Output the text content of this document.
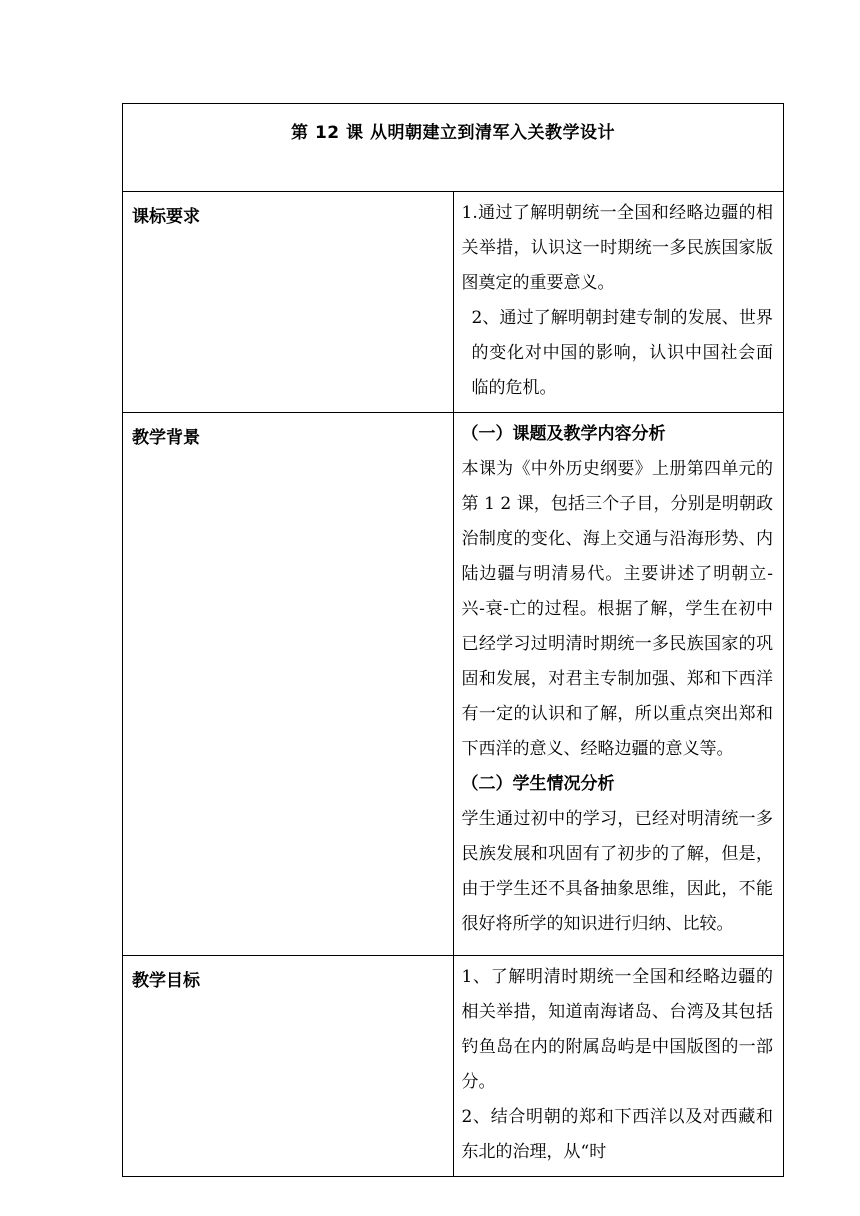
第 12 课 从明朝建立到清军入关教学设计	

课标要求	1.通过了解明朝统一全国和经略边疆的相关举措，认识这一时期统一多民族国家版图奠定的重要意义。

2、通过了解明朝封建专制的发展、世界的变化对中国的影响，认识中国社会面临的危机。

教学背景	（一）课题及教学内容分析

本课为《中外历史纲要》上册第四单元的第 1 2 课，包括三个子目，分别是明朝政治制度的变化、海上交通与沿海形势、内陆边疆与明清易代。主要讲述了明朝立-兴-衰-亡的过程。根据了解，学生在初中已经学习过明清时期统一多民族国家的巩固和发展，对君主专制加强、郑和下西洋有一定的认识和了解，所以重点突出郑和下西洋的意义、经略边疆的意义等。

（二）学生情况分析

学生通过初中的学习，已经对明清统一多民族发展和巩固有了初步的了解，但是，由于学生还不具备抽象思维，因此，不能很好将所学的知识进行归纳、比较。

教学目标	1、了解明清时期统一全国和经略边疆的相关举措，知道南海诸岛、台湾及其包括钓鱼岛在内的附属岛屿是中国版图的一部分。

2、结合明朝的郑和下西洋以及对西藏和东北的治理，从“时
